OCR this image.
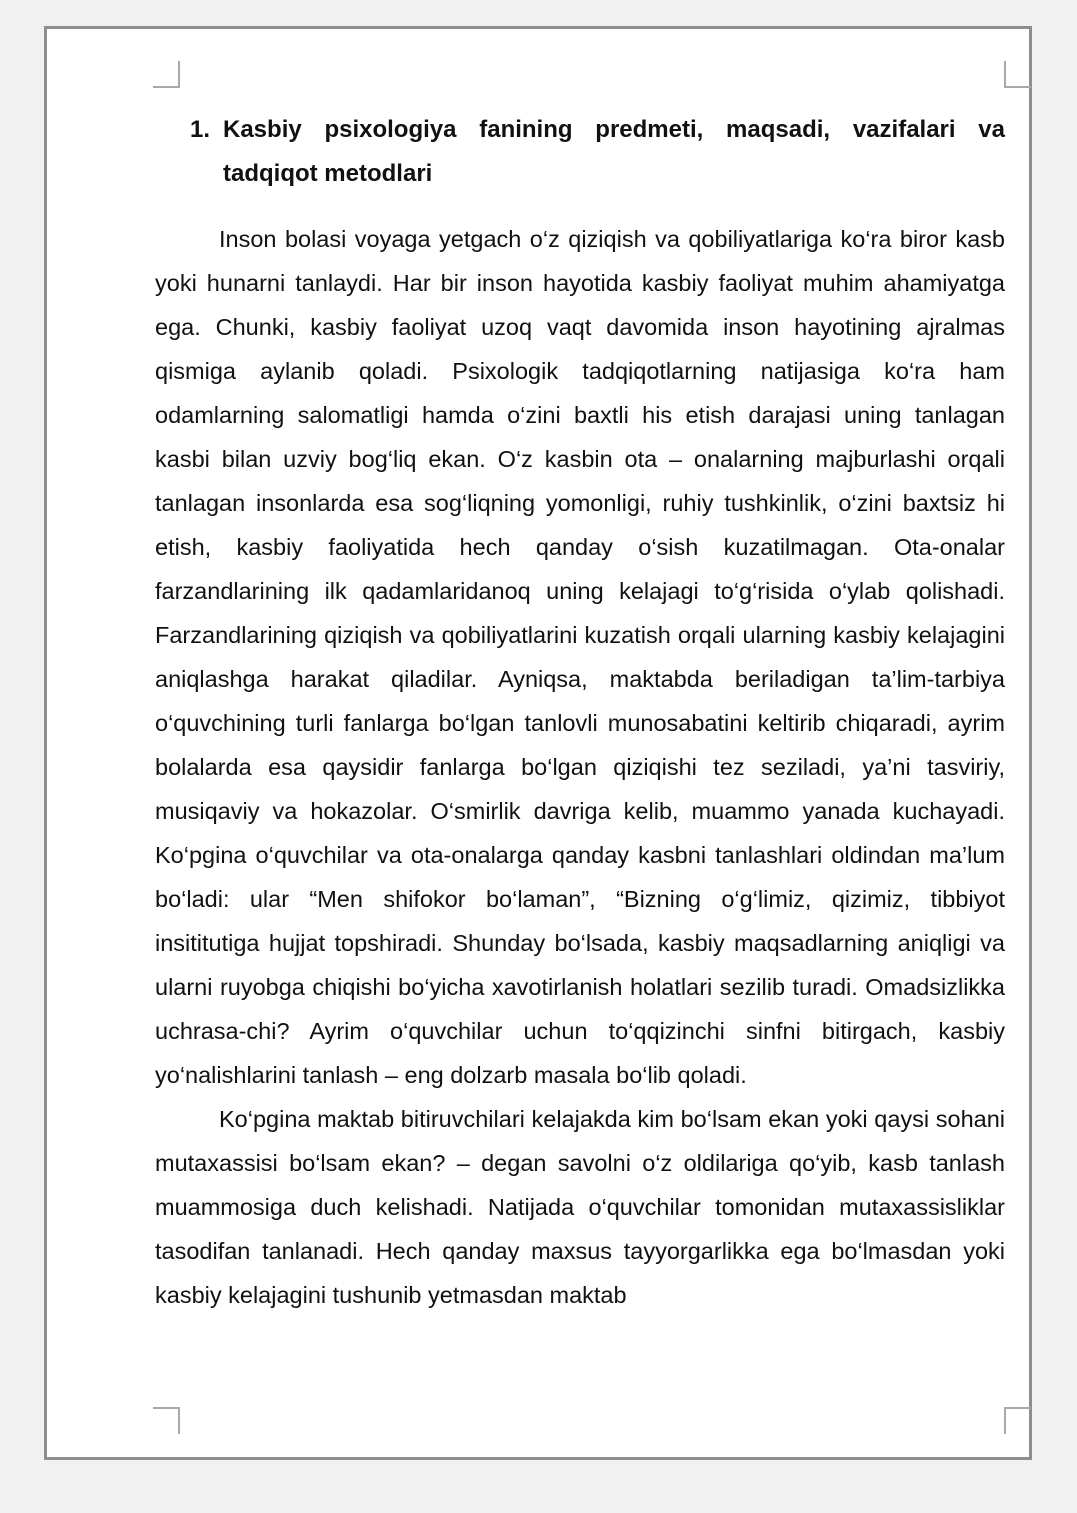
1. Kasbiy psixologiya fanining predmeti, maqsadi, vazifalari va tadqiqot metodlari

Inson bolasi voyaga yetgach o‘z qiziqish va qobiliyatlariga ko‘ra biror kasb yoki hunarni tanlaydi. Har bir inson hayotida kasbiy faoliyat muhim ahamiyatga ega. Chunki, kasbiy faoliyat uzoq vaqt davomida inson hayotining ajralmas qismiga aylanib qoladi. Psixologik tadqiqotlarning natijasiga ko‘ra ham odamlarning salomatligi hamda o‘zini baxtli his etish darajasi uning tanlagan kasbi bilan uzviy bog‘liq ekan. O‘z kasbin ota – onalarning majburlashi orqali tanlagan insonlarda esa sog‘liqning yomonligi, ruhiy tushkinlik, o‘zini baxtsiz hi etish, kasbiy faoliyatida hech qanday o‘sish kuzatilmagan. Ota-onalar farzandlarining ilk qadamlaridanoq uning kelajagi to‘g‘risida o‘ylab qolishadi. Farzandlarining qiziqish va qobiliyatlarini kuzatish orqali ularning kasbiy kelajagini aniqlashga harakat qiladilar. Ayniqsa, maktabda beriladigan ta’lim-tarbiya o‘quvchining turli fanlarga bo‘lgan tanlovli munosabatini keltirib chiqaradi, ayrim bolalarda esa qaysidir fanlarga bo‘lgan qiziqishi tez seziladi, ya’ni tasviriy, musiqaviy va hokazolar. O‘smirlik davriga kelib, muammo yanada kuchayadi. Ko‘pgina o‘quvchilar va ota-onalarga qanday kasbni tanlashlari oldindan ma’lum bo‘ladi: ular “Men shifokor bo‘laman”, “Bizning o‘g‘limiz, qizimiz, tibbiyot insititutiga hujjat topshiradi. Shunday bo‘lsada, kasbiy maqsadlarning aniqligi va ularni ruyobga chiqishi bo‘yicha xavotirlanish holatlari sezilib turadi. Omadsizlikka uchrasa-chi? Ayrim o‘quvchilar uchun to‘qqizinchi sinfni bitirgach, kasbiy yo‘nalishlarini tanlash – eng dolzarb masala bo‘lib qoladi.

Ko‘pgina maktab bitiruvchilari kelajakda kim bo‘lsam ekan yoki qaysi sohani mutaxassisi bo‘lsam ekan? – degan savolni o‘z oldilariga qo‘yib, kasb tanlash muammosiga duch kelishadi. Natijada o‘quvchilar tomonidan mutaxassisliklar tasodifan tanlanadi. Hech qanday maxsus tayyorgarlikka ega bo‘lmasdan yoki kasbiy kelajagini tushunib yetmasdan maktab
